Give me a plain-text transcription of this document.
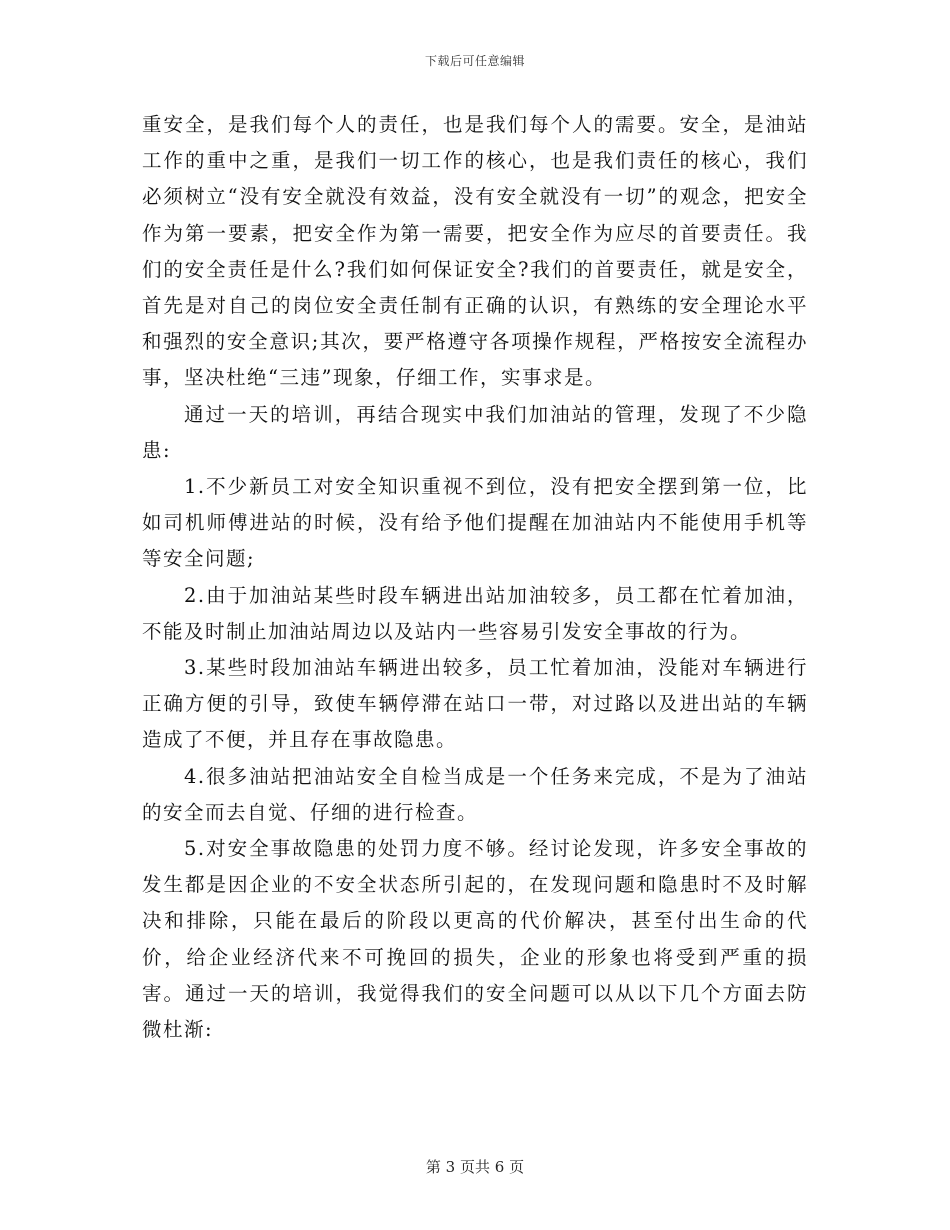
下载后可任意编辑

重安全，是我们每个人的责任，也是我们每个人的需要。安全，是油站工作的重中之重，是我们一切工作的核心，也是我们责任的核心，我们必须树立“没有安全就没有效益，没有安全就没有一切”的观念，把安全作为第一要素，把安全作为第一需要，把安全作为应尽的首要责任。我们的安全责任是什么?我们如何保证安全?我们的首要责任，就是安全，首先是对自己的岗位安全责任制有正确的认识，有熟练的安全理论水平和强烈的安全意识;其次，要严格遵守各项操作规程，严格按安全流程办事，坚决杜绝“三违”现象，仔细工作，实事求是。

通过一天的培训，再结合现实中我们加油站的管理，发现了不少隐患:

1.不少新员工对安全知识重视不到位，没有把安全摆到第一位，比如司机师傅进站的时候，没有给予他们提醒在加油站内不能使用手机等等安全问题;

2.由于加油站某些时段车辆进出站加油较多，员工都在忙着加油，不能及时制止加油站周边以及站内一些容易引发安全事故的行为。

3.某些时段加油站车辆进出较多，员工忙着加油，没能对车辆进行正确方便的引导，致使车辆停滞在站口一带，对过路以及进出站的车辆造成了不便，并且存在事故隐患。

4.很多油站把油站安全自检当成是一个任务来完成，不是为了油站的安全而去自觉、仔细的进行检查。

5.对安全事故隐患的处罚力度不够。经讨论发现，许多安全事故的发生都是因企业的不安全状态所引起的，在发现问题和隐患时不及时解决和排除，只能在最后的阶段以更高的代价解决，甚至付出生命的代价，给企业经济代来不可挽回的损失，企业的形象也将受到严重的损害。通过一天的培训，我觉得我们的安全问题可以从以下几个方面去防微杜渐:

第 3 页共 6 页
